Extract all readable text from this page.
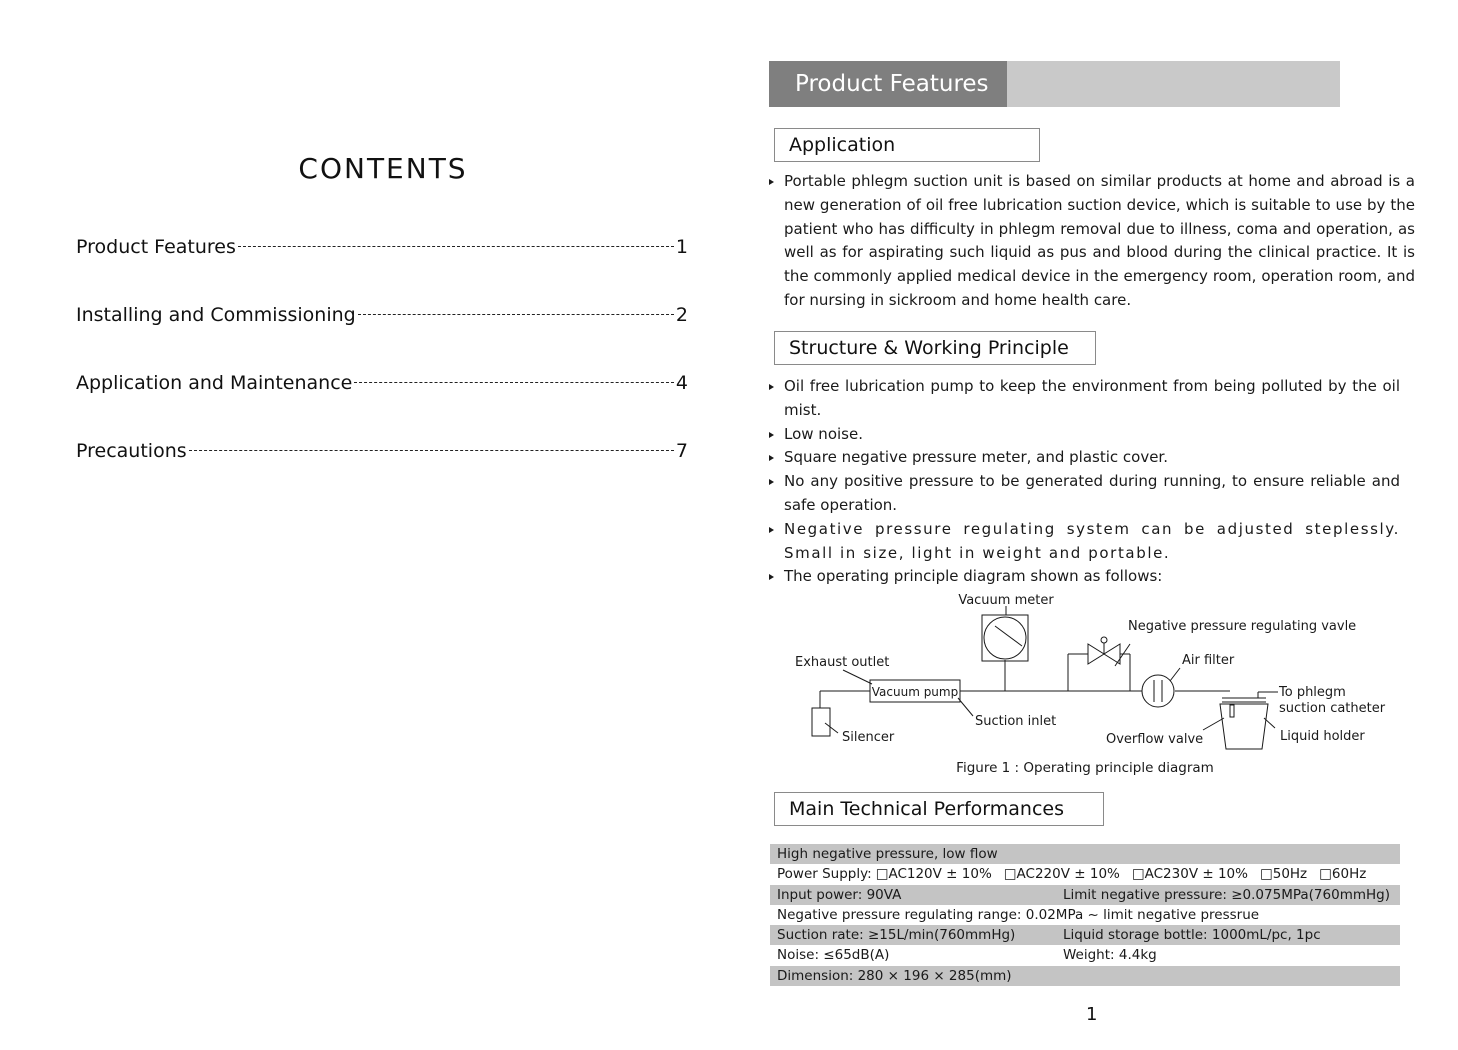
CONTENTS
Product Features	1
Installing and Commissioning	2
Application and Maintenance	4
Precautions	7
Product Features
Application
Portable phlegm suction unit is based on similar products at home and abroad is a new generation of oil free lubrication suction device, which is suitable to use by the patient who has difficulty in phlegm removal due to illness, coma and operation, as well as for aspirating such liquid as pus and blood during the clinical practice. It is the commonly applied medical device in the emergency room, operation room, and for nursing in sickroom and home health care.
Structure & Working Principle

Oil free lubrication pump to keep the environment from being polluted by the oil mist.

Low noise.

Square negative pressure meter, and plastic cover.

No any positive pressure to be generated during running, to ensure reliable and safe operation.

Negative pressure regulating system can be adjusted steplessly. Small in size, light in weight and portable.

The operating principle diagram shown as follows:

Vacuum meter
Negative pressure regulating vavle
Exhaust outlet	Air filter
Vacuum pump	To phlegm
suction catheter
Suction inlet
Silencer	Overflow valve	Liquid holder
Figure 1 : Operating principle diagram
Main Technical Performances
High negative pressure, low flow
Power Supply: □AC120V ± 10% □AC220V ± 10% □AC230V ± 10% □50Hz □60Hz
Input power: 90VA	Limit negative pressure: ≥0.075MPa(760mmHg)
Negative pressure regulating range: 0.02MPa ~ limit negative pressrue
Suction rate: ≥15L/min(760mmHg)	Liquid storage bottle: 1000mL/pc, 1pc
Noise: ≤65dB(A)	Weight: 4.4kg
Dimension: 280 × 196 × 285(mm)
1
